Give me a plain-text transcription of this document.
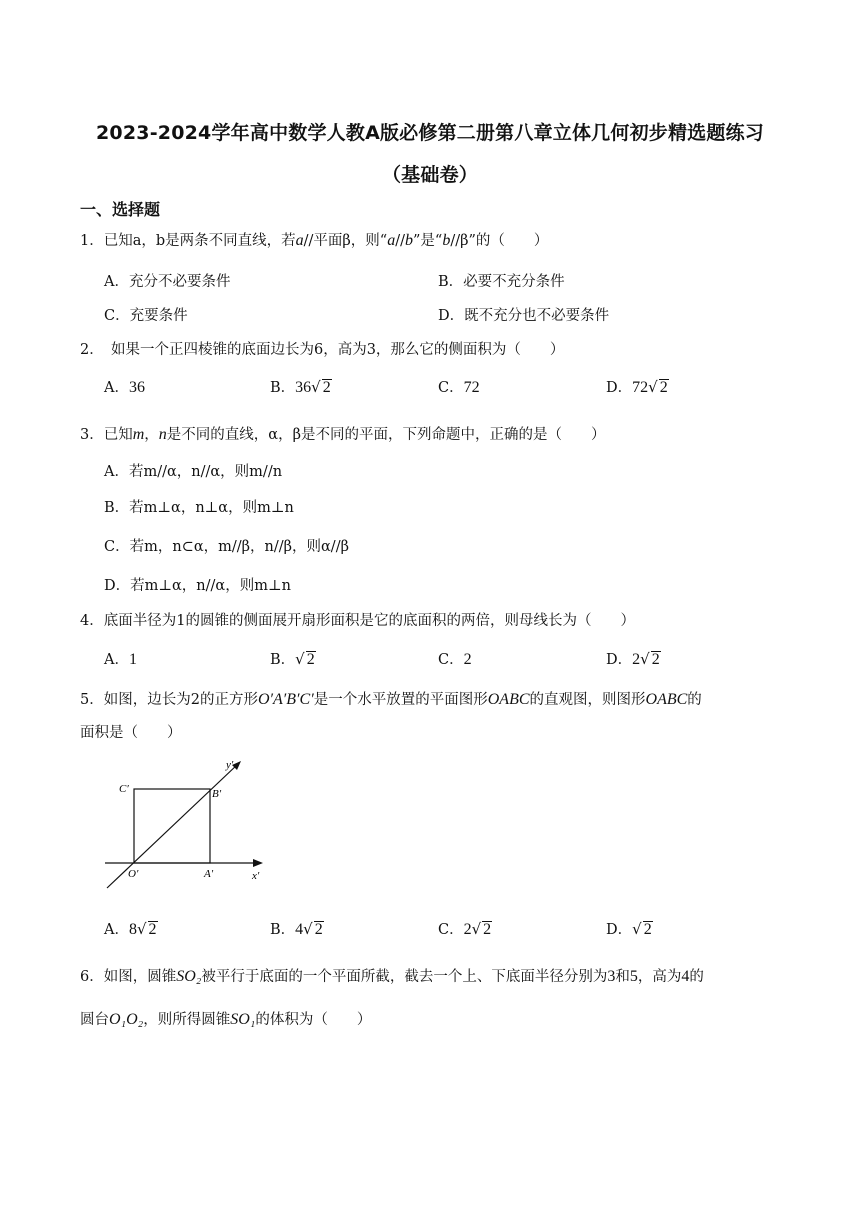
2023-2024学年高中数学人教A版必修第二册第八章立体几何初步精选题练习
（基础卷）
一、选择题
1．已知a，b是两条不同直线，若a//平面β，则“a//b”是“b//β”的（　　）
A．充分不必要条件	B．必要不充分条件
C．充要条件	D．既不充分也不必要条件
2．　如果一个正四棱锥的底面边长为6，高为3，那么它的侧面积为（　　）
A．36	B．36√ 2	C．72	D．72√ 2
3．已知m，n是不同的直线，α，β是不同的平面，下列命题中，正确的是（　　）
A．若m//α，n//α，则m//n
B．若m⊥α，n⊥α，则m⊥n
C．若m，n⊂α，m//β，n//β，则α//β
D．若m⊥α，n//α，则m⊥n
4．底面半径为1的圆锥的侧面展开扇形面积是它的底面积的两倍，则母线长为（　　）
A．1	B．√ 2	C．2	D．2√ 2
5．如图，边长为2的正方形O′A′B′C′是一个水平放置的平面图形OABC的直观图，则图形OABC的
面积是（　　）
C′	B′
O′	A′	x′
y′
A．8√ 2	B．4√ 2	C．2√ 2	D．√ 2
6．如图，圆锥SO₂被平行于底面的一个平面所截，截去一个上、下底面半径分别为3和5，高为4的
圆台O₁O₂，则所得圆锥SO₁的体积为（　　）
